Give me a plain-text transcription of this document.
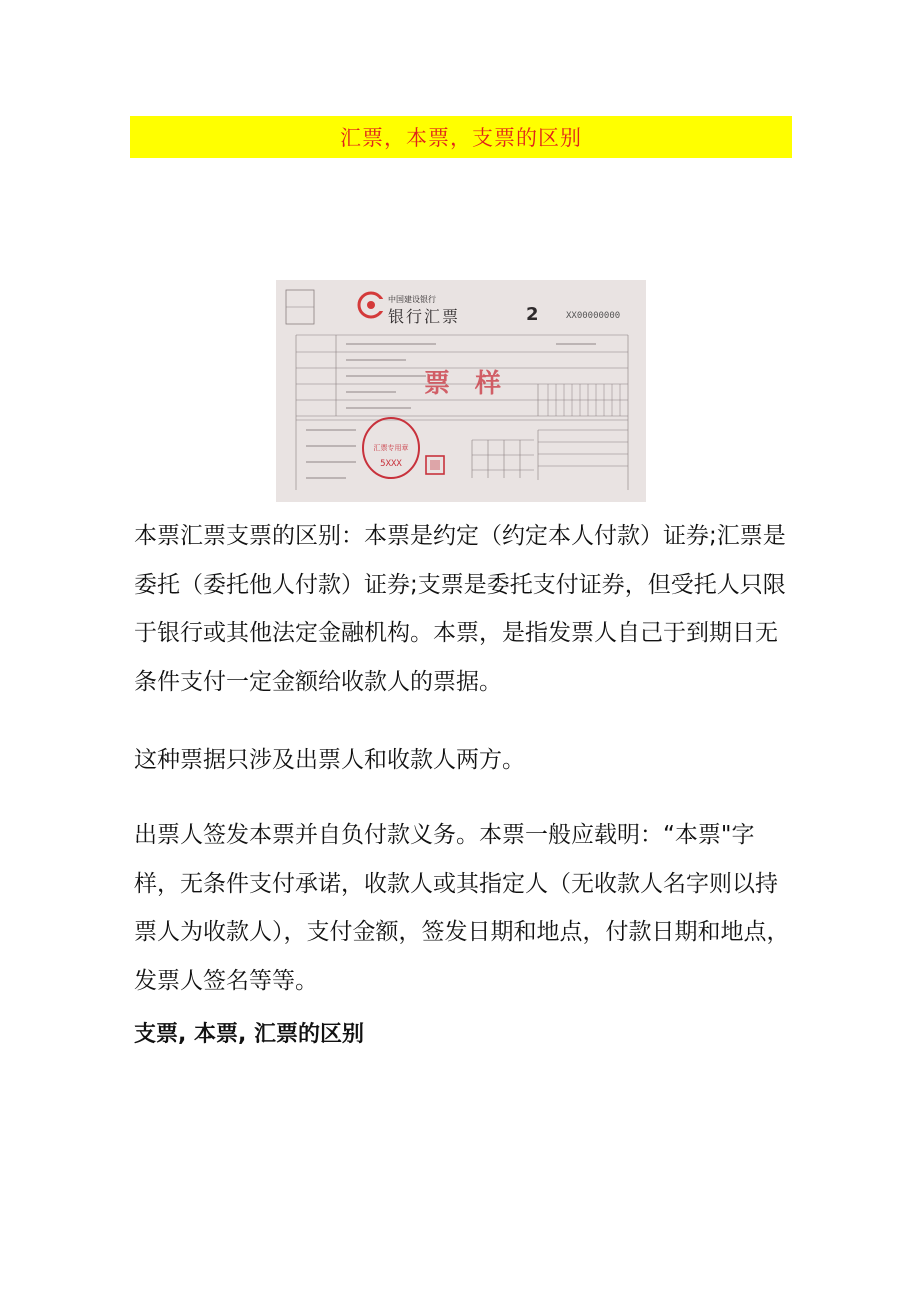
汇票，本票，支票的区别
中国建设银行
银行汇票	2	XX00000000
票 样
汇票专用章
5XXX

本票汇票支票的区别：本票是约定（约定本人付款）证券;汇票是委托（委托他人付款）证券;支票是委托支付证券，但受托人只限于银行或其他法定金融机构。本票，是指发票人自己于到期日无条件支付一定金额给收款人的票据。

这种票据只涉及出票人和收款人两方。

出票人签发本票并自负付款义务。本票一般应载明：“本票"字样，无条件支付承诺，收款人或其指定人（无收款人名字则以持票人为收款人），支付金额，签发日期和地点，付款日期和地点，发票人签名等等。

支票, 本票, 汇票的区别
